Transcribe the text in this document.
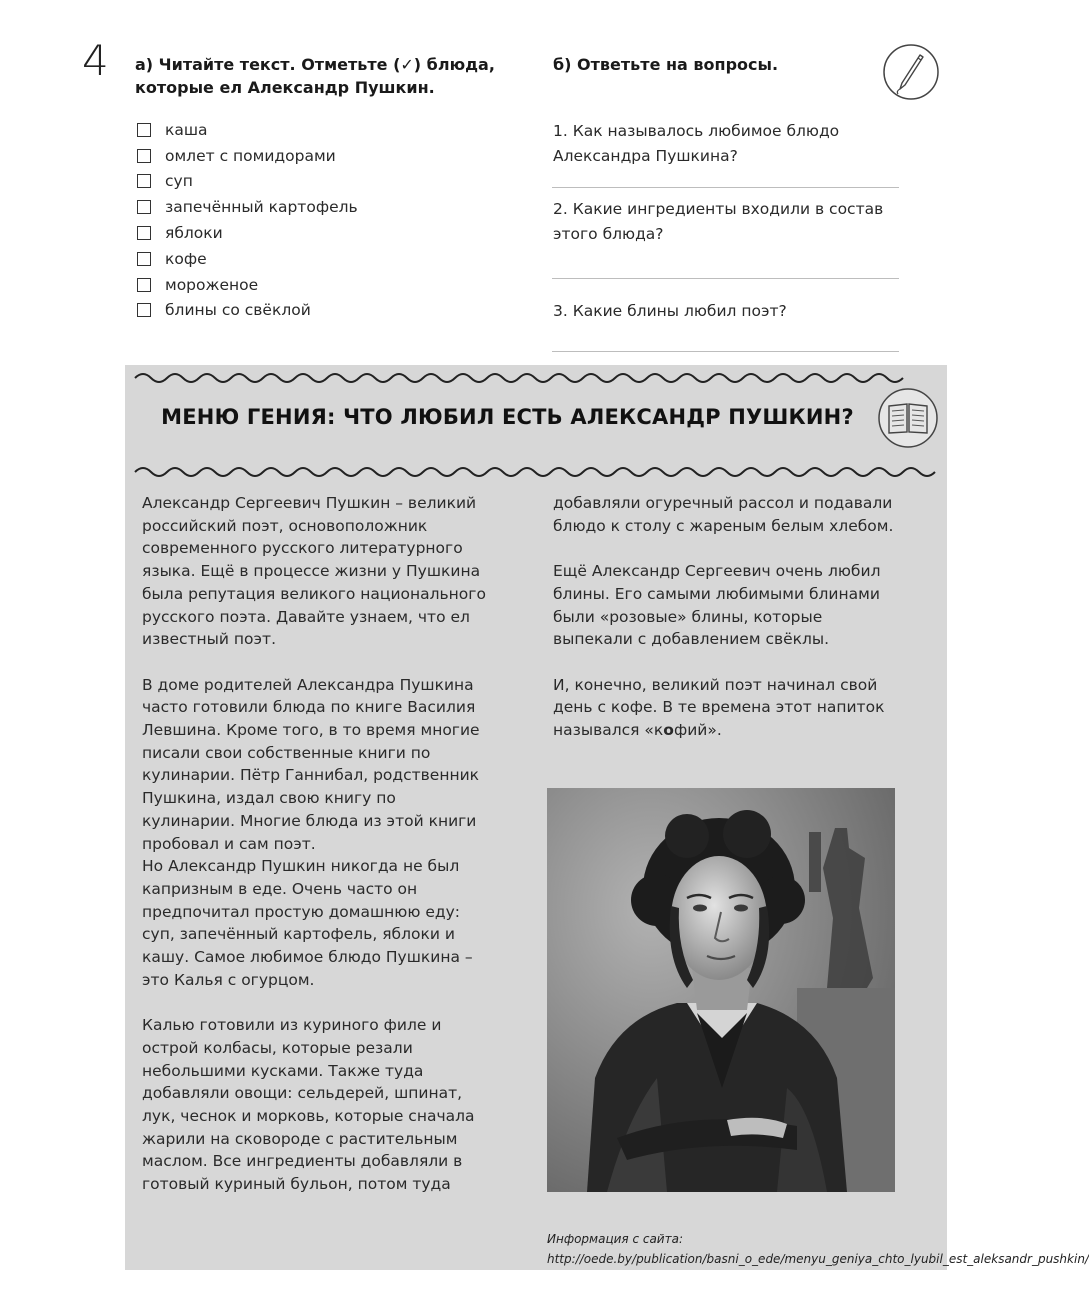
4 а) Читайте текст. Отметьте (✓) блюда, которые ел Александр Пушкин.
б) Ответьте на вопросы.
каша
омлет с помидорами
суп
запечённый картофель
яблоки
кофе
мороженое
блины со свёклой
1. Как называлось любимое блюдо Александра Пушкина?
2. Какие ингредиенты входили в состав этого блюда?
3. Какие блины любил поэт?
МЕНЮ ГЕНИЯ: ЧТО ЛЮБИЛ ЕСТЬ АЛЕКСАНДР ПУШКИН?

Александр Сергеевич Пушкин – великий российский поэт, основоположник современного русского литературного языка. Ещё в процессе жизни у Пушкина была репутация великого национального русского поэта. Давайте узнаем, что ел известный поэт.

В доме родителей Александра Пушкина часто готовили блюда по книге Василия Левшина. Кроме того, в то время многие писали свои собственные книги по кулинарии. Пётр Ганнибал, родственник Пушкина, издал свою книгу по кулинарии. Многие блюда из этой книги пробовал и сам поэт.
Но Александр Пушкин никогда не был капризным в еде. Очень часто он предпочитал простую домашнюю еду: суп, запечённый картофель, яблоки и кашу. Самое любимое блюдо Пушкина – это Калья с огурцом.

Калью готовили из куриного филе и острой колбасы, которые резали небольшими кусками. Также туда добавляли овощи: сельдерей, шпинат, лук, чеснок и морковь, которые сначала жарили на сковороде с растительным маслом. Все ингредиенты добавляли в готовый куриный бульон, потом туда

добавляли огуречный рассол и подавали блюдо к столу с жареным белым хлебом.

Ещё Александр Сергеевич очень любил блины. Его самыми любимыми блинами были «розовые» блины, которые выпекали с добавлением свёклы.

И, конечно, великий поэт начинал свой день с кофе. В те времена этот напиток назывался «кофий».

Информация с сайта: http://oede.by/publication/basni_o_ede/menyu_geniya_chto_lyubil_est_aleksandr_pushkin/
